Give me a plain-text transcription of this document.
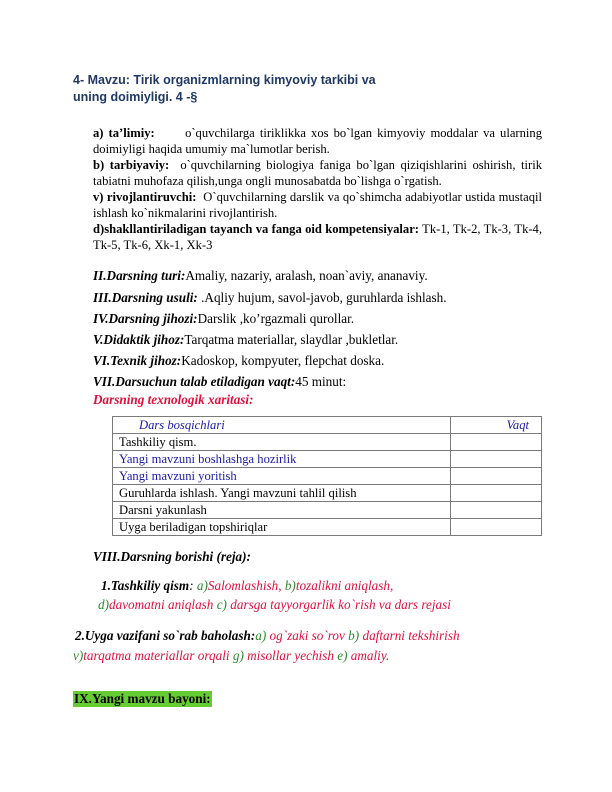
4- Mavzu: Tirik organizmlarning kimyoviy tarkibi va
uning doimiyligi. 4 -§
a) ta’limiy: o`quvchilarga tiriklikka xos bo`lgan kimyoviy moddalar va ularning doimiyligi haqida umumiy ma`lumotlar berish.
b) tarbiyaviy: o`quvchilarning biologiya faniga bo`lgan qiziqishlarini oshirish, tirik tabiatni muhofaza qilish,unga ongli munosabatda bo`lishga o`rgatish.
v) rivojlantiruvchi: O`quvchilarning darslik va qo`shimcha adabiyotlar ustida mustaqil ishlash ko`nikmalarini rivojlantirish.
d)shakllantiriladigan tayanch va fanga oid kompetensiyalar: Tk-1, Tk-2, Tk-3, Tk-4, Tk-5, Tk-6, Xk-1, Xk-3
II.Darsning turi:Amaliy, nazariy, aralash, noan`aviy, ananaviy.
III.Darsning usuli: .Aqliy hujum, savol-javob, guruhlarda ishlash.
IV.Darsning jihozi:Darslik ,ko’rgazmali qurollar.
V.Didaktik jihoz:Tarqatma materiallar, slaydlar ,bukletlar.
VI.Texnik jihoz:Kadoskop, kompyuter, flepchat doska.
VII.Darsuchun talab etiladigan vaqt:45 minut:
Darsning texnologik xaritasi:
Dars bosqichlari	Vaqt
Tashkiliy qism.	
Yangi mavzuni boshlashga hozirlik	
Yangi mavzuni yoritish	
Guruhlarda ishlash. Yangi mavzuni tahlil qilish	
Darsni yakunlash	
Uyga beriladigan topshiriqlar	
VIII.Darsning borishi (reja):
1.Tashkiliy qism: a)Salomlashish, b)tozalikni aniqlash,
d)davomatni aniqlash c) darsga tayyorgarlik ko`rish va dars rejasi
2.Uyga vazifani so`rab baholash:a) og`zaki so`rov b) daftarni tekshirish
v)tarqatma materiallar orqali g) misollar yechish e) amaliy.
IX.Yangi mavzu bayoni:
